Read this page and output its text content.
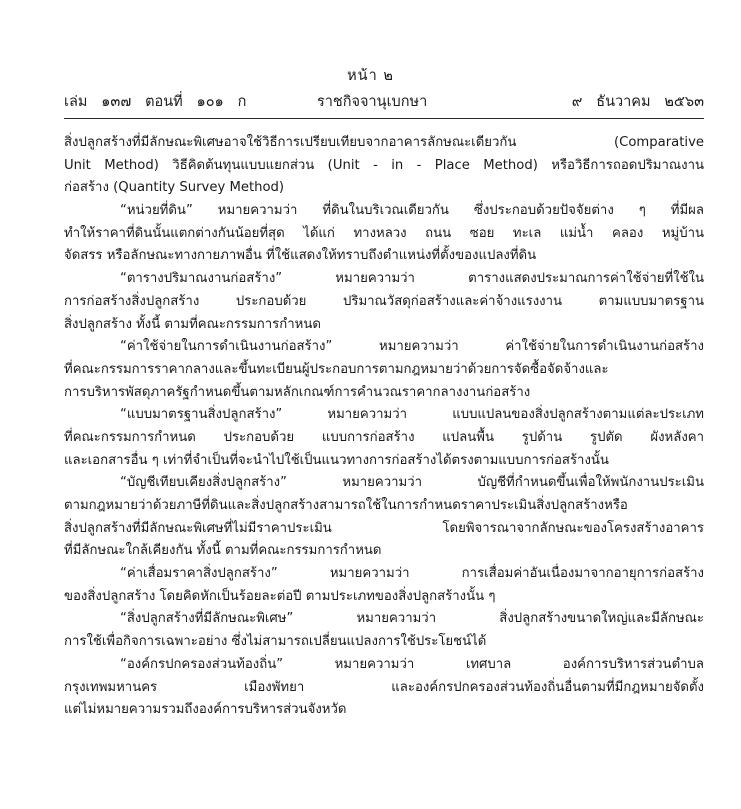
หน้า ๒
เล่ม   ๑๓๗   ตอนที่   ๑๐๑   ก	ราชกิจจานุเบกษา	๙   ธันวาคม   ๒๕๖๓
สิ่งปลูกสร้างที่มีลักษณะพิเศษอาจใช้วิธีการเปรียบเทียบจากอาคารลักษณะเดียวกัน (Comparative
Unit Method) วิธีคิดต้นทุนแบบแยกส่วน (Unit - in - Place Method) หรือวิธีการถอดปริมาณงาน
ก่อสร้าง (Quantity Survey Method)
“หน่วยที่ดิน” หมายความว่า ที่ดินในบริเวณเดียวกัน ซึ่งประกอบด้วยปัจจัยต่าง ๆ ที่มีผล
ทำให้ราคาที่ดินนั้นแตกต่างกันน้อยที่สุด ได้แก่ ทางหลวง ถนน ซอย ทะเล แม่น้ำ คลอง หมู่บ้าน
จัดสรร หรือลักษณะทางกายภาพอื่น ที่ใช้แสดงให้ทราบถึงตำแหน่งที่ตั้งของแปลงที่ดิน
“ตารางปริมาณงานก่อสร้าง” หมายความว่า ตารางแสดงประมาณการค่าใช้จ่ายที่ใช้ใน
การก่อสร้างสิ่งปลูกสร้าง ประกอบด้วย ปริมาณวัสดุก่อสร้างและค่าจ้างแรงงาน ตามแบบมาตรฐาน
สิ่งปลูกสร้าง ทั้งนี้ ตามที่คณะกรรมการกำหนด
“ค่าใช้จ่ายในการดำเนินงานก่อสร้าง” หมายความว่า ค่าใช้จ่ายในการดำเนินงานก่อสร้าง
ที่คณะกรรมการราคากลางและขึ้นทะเบียนผู้ประกอบการตามกฎหมายว่าด้วยการจัดซื้อจัดจ้างและ
การบริหารพัสดุภาครัฐกำหนดขึ้นตามหลักเกณฑ์การคำนวณราคากลางงานก่อสร้าง
“แบบมาตรฐานสิ่งปลูกสร้าง” หมายความว่า แบบแปลนของสิ่งปลูกสร้างตามแต่ละประเภท
ที่คณะกรรมการกำหนด ประกอบด้วย แบบการก่อสร้าง แปลนพื้น รูปด้าน รูปตัด ผังหลังคา
และเอกสารอื่น ๆ เท่าที่จำเป็นที่จะนำไปใช้เป็นแนวทางการก่อสร้างได้ตรงตามแบบการก่อสร้างนั้น
“บัญชีเทียบเคียงสิ่งปลูกสร้าง” หมายความว่า บัญชีที่กำหนดขึ้นเพื่อให้พนักงานประเมิน
ตามกฎหมายว่าด้วยภาษีที่ดินและสิ่งปลูกสร้างสามารถใช้ในการกำหนดราคาประเมินสิ่งปลูกสร้างหรือ
สิ่งปลูกสร้างที่มีลักษณะพิเศษที่ไม่มีราคาประเมิน โดยพิจารณาจากลักษณะของโครงสร้างอาคาร
ที่มีลักษณะใกล้เคียงกัน ทั้งนี้ ตามที่คณะกรรมการกำหนด
“ค่าเสื่อมราคาสิ่งปลูกสร้าง” หมายความว่า การเสื่อมค่าอันเนื่องมาจากอายุการก่อสร้าง
ของสิ่งปลูกสร้าง โดยคิดหักเป็นร้อยละต่อปี ตามประเภทของสิ่งปลูกสร้างนั้น ๆ
“สิ่งปลูกสร้างที่มีลักษณะพิเศษ” หมายความว่า สิ่งปลูกสร้างขนาดใหญ่และมีลักษณะ
การใช้เพื่อกิจการเฉพาะอย่าง ซึ่งไม่สามารถเปลี่ยนแปลงการใช้ประโยชน์ได้
“องค์กรปกครองส่วนท้องถิ่น” หมายความว่า เทศบาล องค์การบริหารส่วนตำบล
กรุงเทพมหานคร เมืองพัทยา และองค์กรปกครองส่วนท้องถิ่นอื่นตามที่มีกฎหมายจัดตั้ง
แต่ไม่หมายความรวมถึงองค์การบริหารส่วนจังหวัด
